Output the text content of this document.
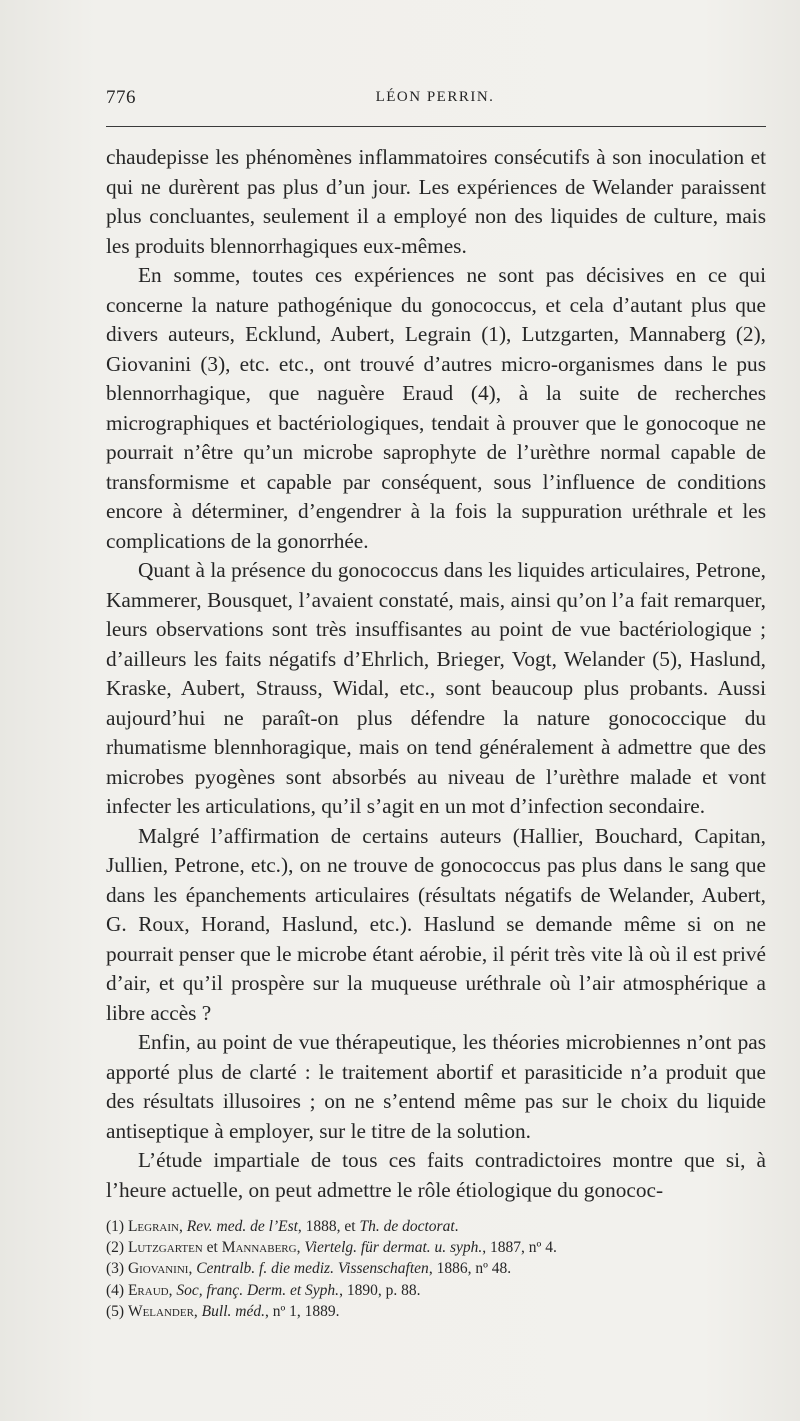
776	LÉON PERRIN.

chaudepisse les phénomènes inflammatoires consécutifs à son inoculation et qui ne durèrent pas plus d’un jour. Les expériences de Welander paraissent plus concluantes, seulement il a employé non des liquides de culture, mais les produits blennorrhagiques eux-mêmes.

En somme, toutes ces expériences ne sont pas décisives en ce qui concerne la nature pathogénique du gonococcus, et cela d’autant plus que divers auteurs, Ecklund, Aubert, Legrain (1), Lutzgarten, Mannaberg (2), Giovanini (3), etc. etc., ont trouvé d’autres micro-organismes dans le pus blennorrhagique, que naguère Eraud (4), à la suite de recherches micrographiques et bactériologiques, tendait à prouver que le gonocoque ne pourrait n’être qu’un microbe saprophyte de l’urèthre normal capable de transformisme et capable par conséquent, sous l’influence de conditions encore à déterminer, d’engendrer à la fois la suppuration uréthrale et les complications de la gonorrhée.

Quant à la présence du gonococcus dans les liquides articulaires, Petrone, Kammerer, Bousquet, l’avaient constaté, mais, ainsi qu’on l’a fait remarquer, leurs observations sont très insuffisantes au point de vue bactériologique ; d’ailleurs les faits négatifs d’Ehrlich, Brieger, Vogt, Welander (5), Haslund, Kraske, Aubert, Strauss, Widal, etc., sont beaucoup plus probants. Aussi aujourd’hui ne paraît-on plus défendre la nature gonococcique du rhumatisme blennhoragique, mais on tend généralement à admettre que des microbes pyogènes sont absorbés au niveau de l’urèthre malade et vont infecter les articulations, qu’il s’agit en un mot d’infection secondaire.

Malgré l’affirmation de certains auteurs (Hallier, Bouchard, Capitan, Jullien, Petrone, etc.), on ne trouve de gonococcus pas plus dans le sang que dans les épanchements articulaires (résultats négatifs de Welander, Aubert, G. Roux, Horand, Haslund, etc.). Haslund se demande même si on ne pourrait penser que le microbe étant aérobie, il périt très vite là où il est privé d’air, et qu’il prospère sur la muqueuse uréthrale où l’air atmosphérique a libre accès ?

Enfin, au point de vue thérapeutique, les théories microbiennes n’ont pas apporté plus de clarté : le traitement abortif et parasiticide n’a produit que des résultats illusoires ; on ne s’entend même pas sur le choix du liquide antiseptique à employer, sur le titre de la solution.

L’étude impartiale de tous ces faits contradictoires montre que si, à l’heure actuelle, on peut admettre le rôle étiologique du gonococ-

(1) Legrain, Rev. med. de l’Est, 1888, et Th. de doctorat.

(2) Lutzgarten et Mannaberg, Viertelg. für dermat. u. syph., 1887, nº 4.

(3) Giovanini, Centralb. f. die mediz. Vissenschaften, 1886, nº 48.

(4) Eraud, Soc, franç. Derm. et Syph., 1890, p. 88.

(5) Welander, Bull. méd., nº 1, 1889.
